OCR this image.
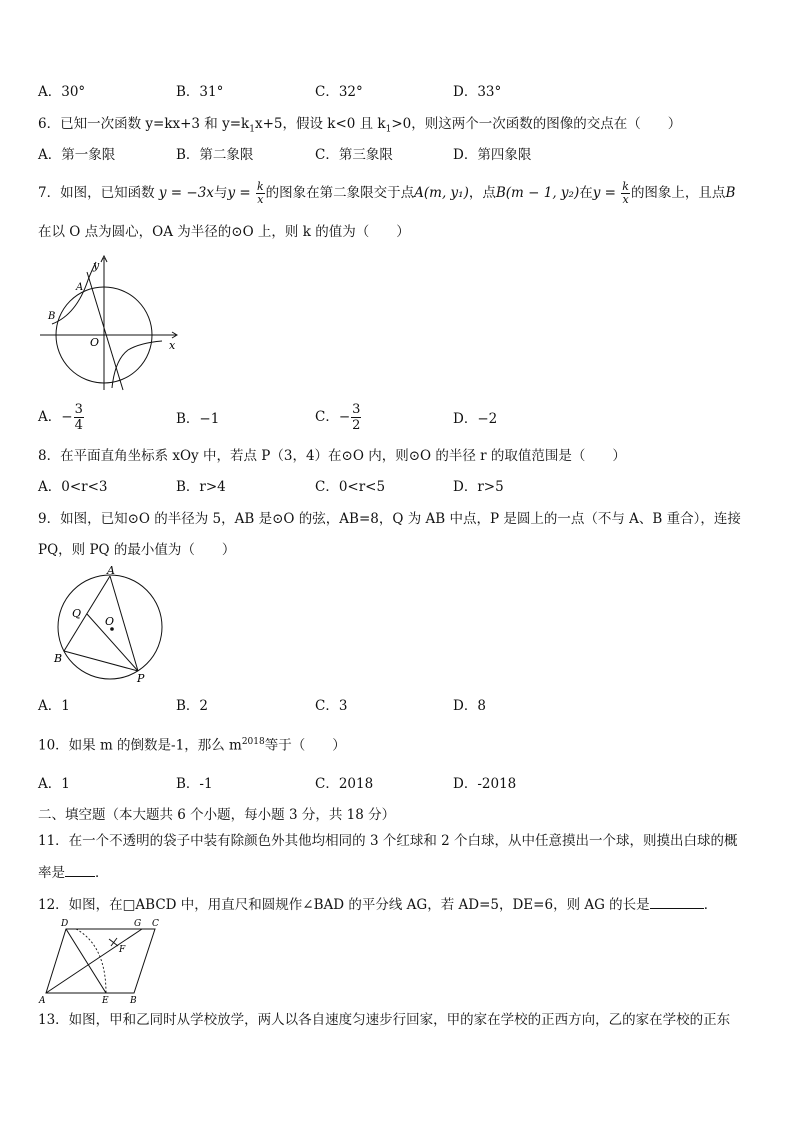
A．30°	B．31°	C．32°	D．33°
6．已知一次函数 y=kx+3 和 $y=k_1x+5$，假设 k<0 且 $k_1>0$，则这两个一次函数的图像的交点在（　　）
A．第一象限	B．第二象限	C．第三象限	D．第四象限
7．如图，已知函数 y = −3x与$y = \frac{k}{x}$ 的图象在第二象限交于点A(m, y₁)，点B(m − 1, y₂)在$y = \frac{k}{x}$ 的图象上，且点B
在以 O 点为圆心，OA 为半径的⊙O 上，则 k 的值为（　　）
y
x
A
B
O
A．− $\frac{3}{4}$	B．−1	C．− $\frac{3}{2}$	D．−2
8．在平面直角坐标系 xOy 中，若点 P（3，4）在⊙O 内，则⊙O 的半径 r 的取值范围是（　　）
A．0<r<3	B．r>4	C．0<r<5	D．r>5
9．如图，已知⊙O 的半径为 5，AB 是⊙O 的弦，AB=8，Q 为 AB 中点，P 是圆上的一点（不与 A、B 重合），连接
PQ，则 PQ 的最小值为（　　）
A
Q
O
B
P
A．1	B．2	C．3	D．8
10．如果 m 的倒数是-1，那么 $m^{2018}$等于（　　）
A．1	B．-1	C．2018	D．-2018
二、填空题（本大题共 6 个小题，每小题 3 分，共 18 分）
11．在一个不透明的袋子中装有除颜色外其他均相同的 3 个红球和 2 个白球，从中任意摸出一个球，则摸出白球的概
率是 ．
12．如图，在□ABCD 中，用直尺和圆规作∠BAD 的平分线 AG，若 AD=5，DE=6，则 AG 的长是	．
D	G C
F
A	E B
13．如图，甲和乙同时从学校放学，两人以各自速度匀速步行回家，甲的家在学校的正西方向，乙的家在学校的正东
